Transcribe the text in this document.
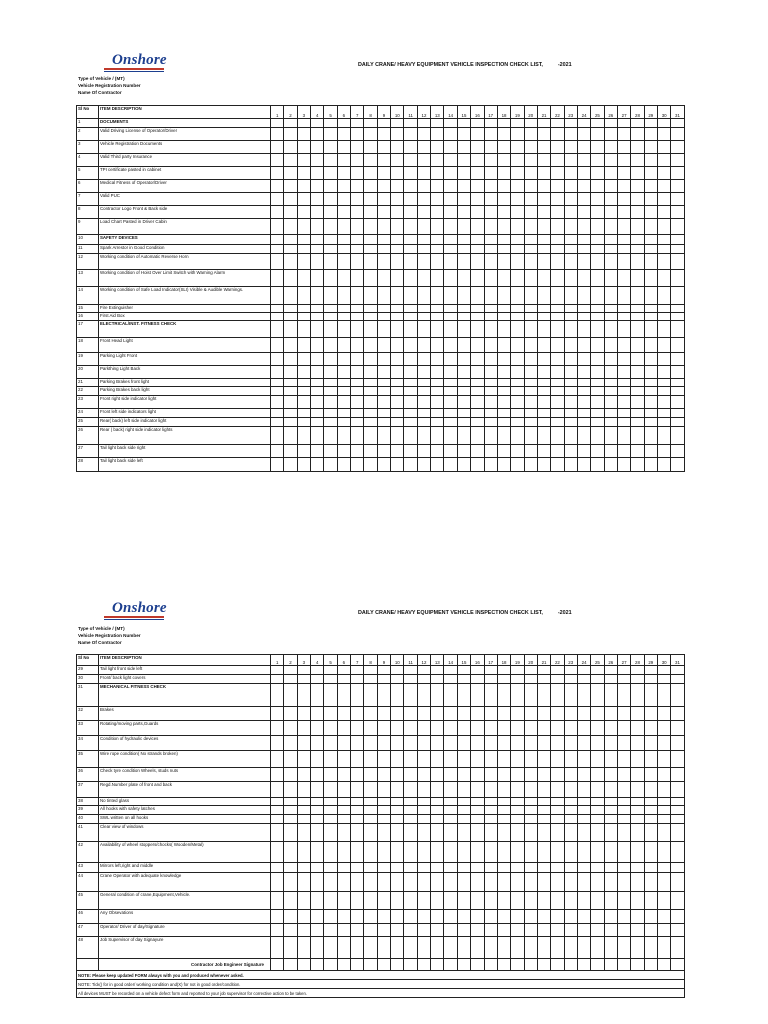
Onshore	DAILY CRANE/ HEAVY EQUIPMENT VEHICLE INSPECTION CHECK LIST,          -2021
Type of Vehicle / (MT)
Vehicle Registration Number
Name Of Contractor
Sl No	ITEM DESCRIPTION	1	2	3	4	5	6	7	8	9	10	11	12	13	14	15	16	17	18	19	20	21	22	23	24	25	26	27	28	29	30	31
1	DOCUMENTS																															
2	Valid Driving License of Operator/Driver																															
3	Vehicle Registration Documents																															
4	Valid Third party Insurance																															
5	TPI certificate pasted in cabinet																															
6	Medical Fitness of Operator/Driver																															
7	Valid PUC																															
8	Contractor Logo Front & Back side																															
9	Load Chart Pasted in Driver Cabin																															
10	SAFETY DEVICES																															
11	Spark Arrestor in Good Condition																															
12	Working condition of Automatic Reverse Horn																															
13	Working condition of Hoist Over Limit Switch with Warning Alarm																															
14	Working condition of Safe Load Indicator(SLI) Visible & Audible Warnings.																															
15	Fire Extinguisher																															
16	First Aid Box																															
17	ELECTRICAL/INST. FITNESS CHECK																															
18	Front Head Light																															
19	Parking Light Front																															
20	Parkthing Light Back																															
21	Parking Brakes front light																															
22	Parking Brakes back light																															
23	Front right side indicator light																															
24	Front left side indicators light																															
25	Rear( back) left side indicator light																															
26	Rear ( back) right side indicator lights																															
27	Tail light back side right																															
28	Tail light back side left																															
Onshore	DAILY CRANE/ HEAVY EQUIPMENT VEHICLE INSPECTION CHECK LIST,          -2021
Type of Vehicle / (MT)
Vehicle Registration Number
Name Of Contractor
Sl No	ITEM DESCRIPTION	1	2	3	4	5	6	7	8	9	10	11	12	13	14	15	16	17	18	19	20	21	22	23	24	25	26	27	28	29	30	31
29	Tail light front side left																															
30	Front/ back light covers																															
31	MECHANICAL FITNESS CHECK																															
32	Brakes																															
33	Rotating/moving parts,Guards																															
34	Condition of hydraulic devices																															
35	Wire rope condition( No strands broken)																															
36	Check tyre condition Wheels, studs nuts																															
37	Regd.Number plate of front and back																															
38	No tinted glass																															
39	All hooks with safety latches																															
40	SWL written on all hooks																															
41	Clear view of windows																															
42	Availability of wheel stoppers/chocks( Wooden/Metal)																															
43	Mirrors left,right and middle																															
44	Crane Operator with adequate knowledge																															
45	General condition of crane,Equipment,Vehicle.																															
46	Any Obsevations																															
47	Operator/ Driver of day/Signature																															
48	Job Supervisor of day Signayure																															
	Contractor Job Engineer Signature																															
NOTE: Please keep updated FORM always with you and produced whenever asked.																																
NOTE: Tick() for in good order/ working condition and(X) for not in good order/condition.																																
All devices MUST be recorded on a vehicle defect form and reported to your job supervisor for corrective action to be taken.																																
